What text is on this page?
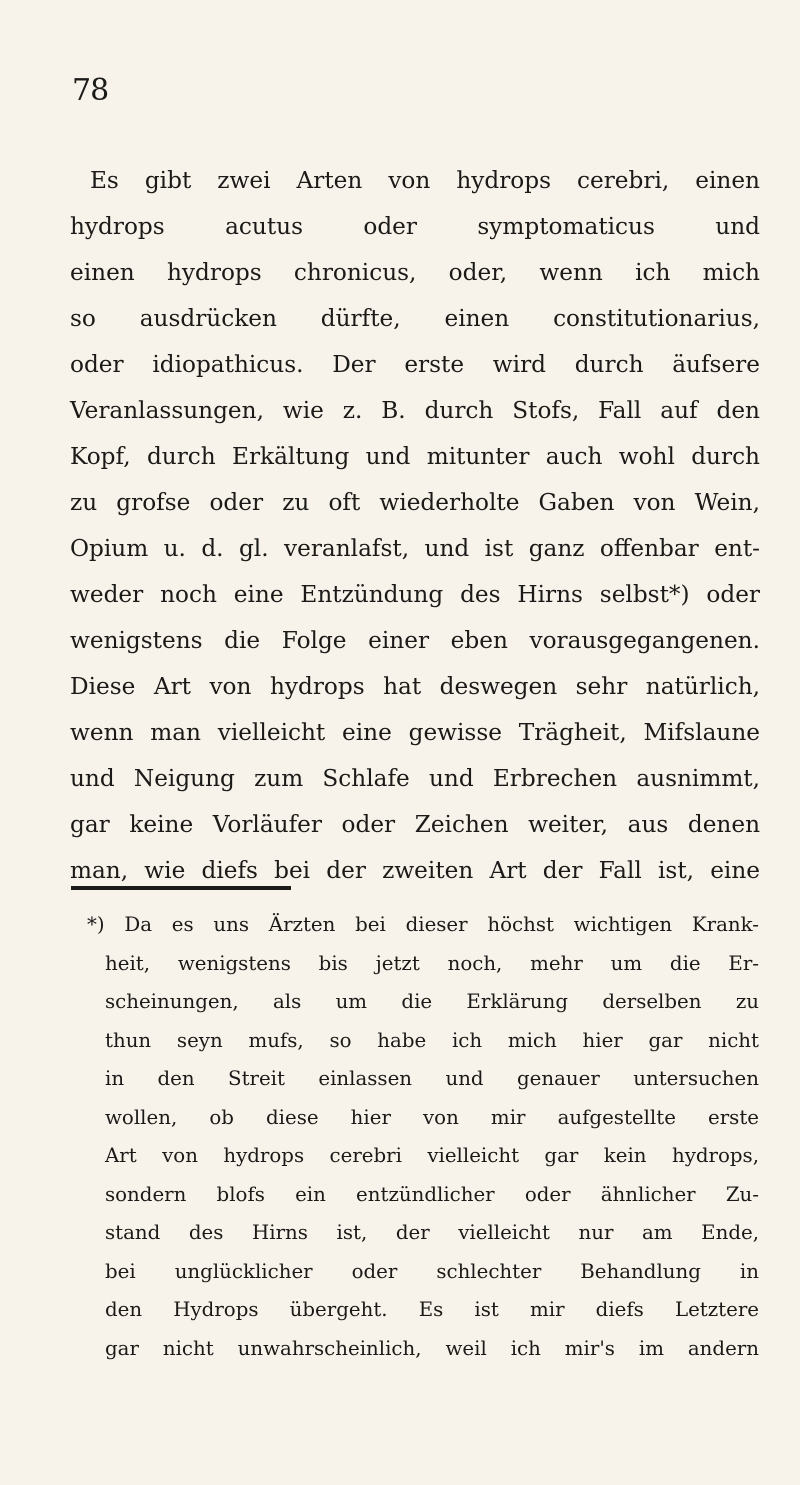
78
Es gibt zwei Arten von hydrops cerebri, einen
hydrops acutus oder symptomaticus und
einen hydrops chronicus, oder, wenn ich mich
so ausdrücken dürfte, einen constitutionarius,
oder idiopathicus. Der erste wird durch äufsere
Veranlassungen, wie z. B. durch Stofs, Fall auf den
Kopf, durch Erkältung und mitunter auch wohl durch
zu grofse oder zu oft wiederholte Gaben von Wein,
Opium u. d. gl. veranlafst, und ist ganz offenbar ent-
weder noch eine Entzündung des Hirns selbst*) oder
wenigstens die Folge einer eben vorausgegangenen.
Diese Art von hydrops hat deswegen sehr natürlich,
wenn man vielleicht eine gewisse Trägheit, Mifslaune
und Neigung zum Schlafe und Erbrechen ausnimmt,
gar keine Vorläufer oder Zeichen weiter, aus denen
man, wie diefs bei der zweiten Art der Fall ist, eine
*) Da es uns Ärzten bei dieser höchst wichtigen Krank-
heit, wenigstens bis jetzt noch, mehr um die Er-
scheinungen, als um die Erklärung derselben zu
thun seyn mufs, so habe ich mich hier gar nicht
in den Streit einlassen und genauer untersuchen
wollen, ob diese hier von mir aufgestellte erste
Art von hydrops cerebri vielleicht gar kein hydrops,
sondern blofs ein entzündlicher oder ähnlicher Zu-
stand des Hirns ist, der vielleicht nur am Ende,
bei unglücklicher oder schlechter Behandlung in
den Hydrops übergeht. Es ist mir diefs Letztere
gar nicht unwahrscheinlich, weil ich mir's im andern
